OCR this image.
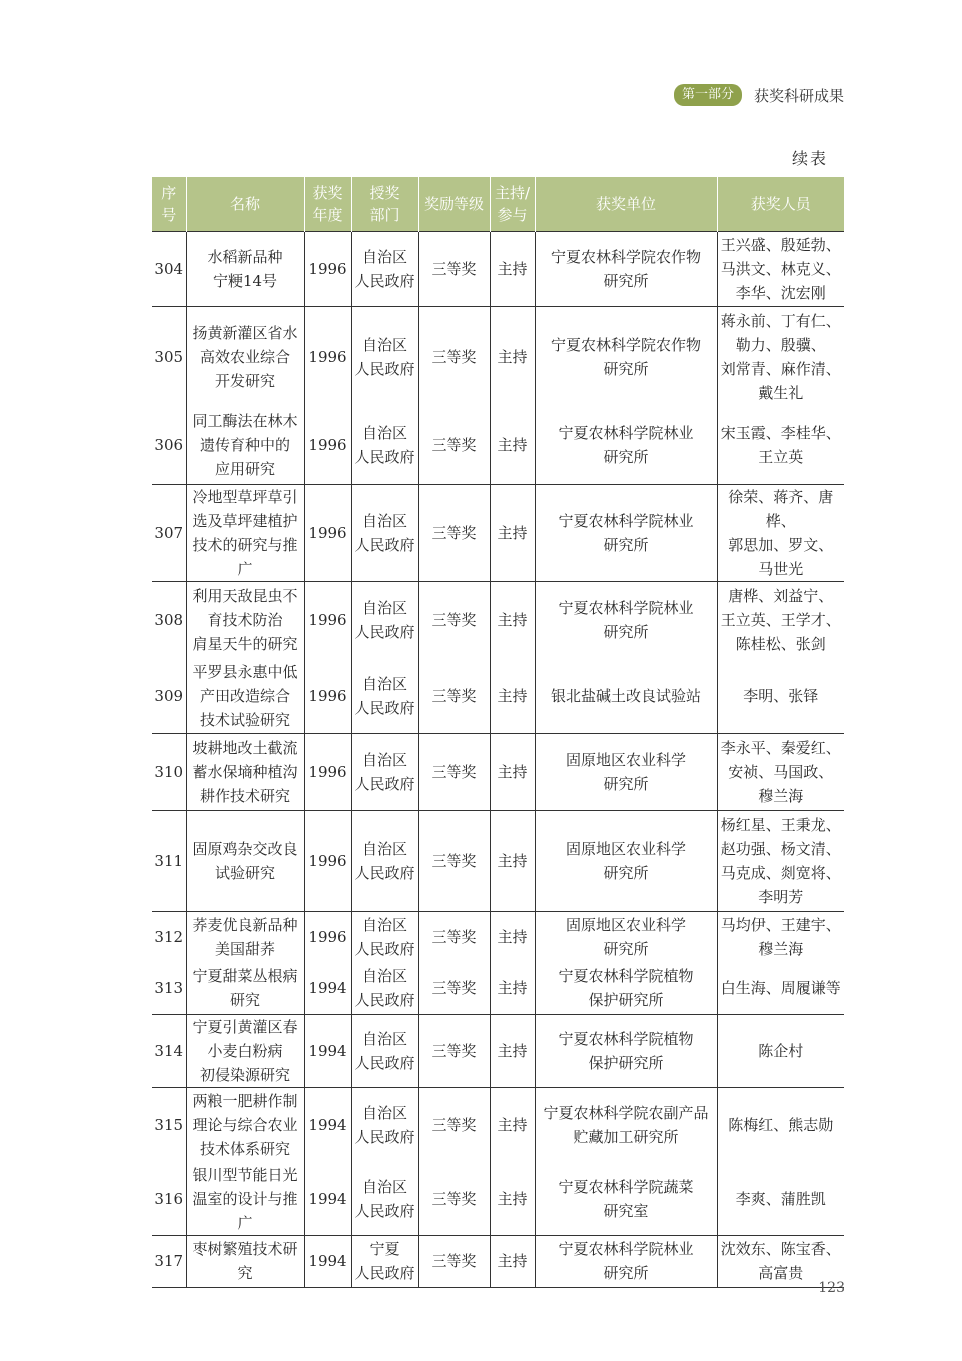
第一部分	获奖科研成果
续表
序
号	名称	获奖
年度	授奖
部门	奖励等级	主持/
参与	获奖单位	获奖人员

304	水稻新品种
宁粳14号	1996	自治区
人民政府	三等奖	主持	宁夏农林科学院农作物
研究所	王兴盛、殷延勃、
马洪文、林克义、
李华、沈宏刚

305	扬黄新灌区省水
高效农业综合
开发研究	1996	自治区
人民政府	三等奖	主持	宁夏农林科学院农作物
研究所	蒋永前、丁有仁、
勒力、殷骥、
刘常青、麻作清、
戴生礼

306	同工酶法在林木
遗传育种中的
应用研究	1996	自治区
人民政府	三等奖	主持	宁夏农林科学院林业
研究所	宋玉霞、李桂华、
王立英

307	冷地型草坪草引
选及草坪建植护
技术的研究与推广	1996	自治区
人民政府	三等奖	主持	宁夏农林科学院林业
研究所	徐荣、蒋齐、唐桦、
郭思加、罗文、
马世光

308	利用天敌昆虫不
育技术防治
肩星天牛的研究	1996	自治区
人民政府	三等奖	主持	宁夏农林科学院林业
研究所	唐桦、刘益宁、
王立英、王学才、
陈桂松、张剑

309	平罗县永惠中低
产田改造综合
技术试验研究	1996	自治区
人民政府	三等奖	主持	银北盐碱土改良试验站	李明、张铎

310	坡耕地改土截流
蓄水保墒种植沟
耕作技术研究	1996	自治区
人民政府	三等奖	主持	固原地区农业科学
研究所	李永平、秦爱红、
安祯、马国政、
穆兰海

311	固原鸡杂交改良
试验研究	1996	自治区
人民政府	三等奖	主持	固原地区农业科学
研究所	杨红星、王秉龙、
赵功强、杨文清、
马克成、剡宽将、
李明芳

312	荞麦优良新品种
美国甜荞	1996	自治区
人民政府	三等奖	主持	固原地区农业科学
研究所	马均伊、王建宇、
穆兰海

313	宁夏甜菜丛根病
研究	1994	自治区
人民政府	三等奖	主持	宁夏农林科学院植物
保护研究所	白生海、周履谦等

314	宁夏引黄灌区春
小麦白粉病
初侵染源研究	1994	自治区
人民政府	三等奖	主持	宁夏农林科学院植物
保护研究所	陈企村

315	两粮一肥耕作制
理论与综合农业
技术体系研究	1994	自治区
人民政府	三等奖	主持	宁夏农林科学院农副产品
贮藏加工研究所	陈梅红、熊志勋

316	银川型节能日光
温室的设计与推广	1994	自治区
人民政府	三等奖	主持	宁夏农林科学院蔬菜
研究室	李爽、蒲胜凯

317	枣树繁殖技术研究	1994	宁夏
人民政府	三等奖	主持	宁夏农林科学院林业
研究所	沈效东、陈宝香、
高富贵
123
